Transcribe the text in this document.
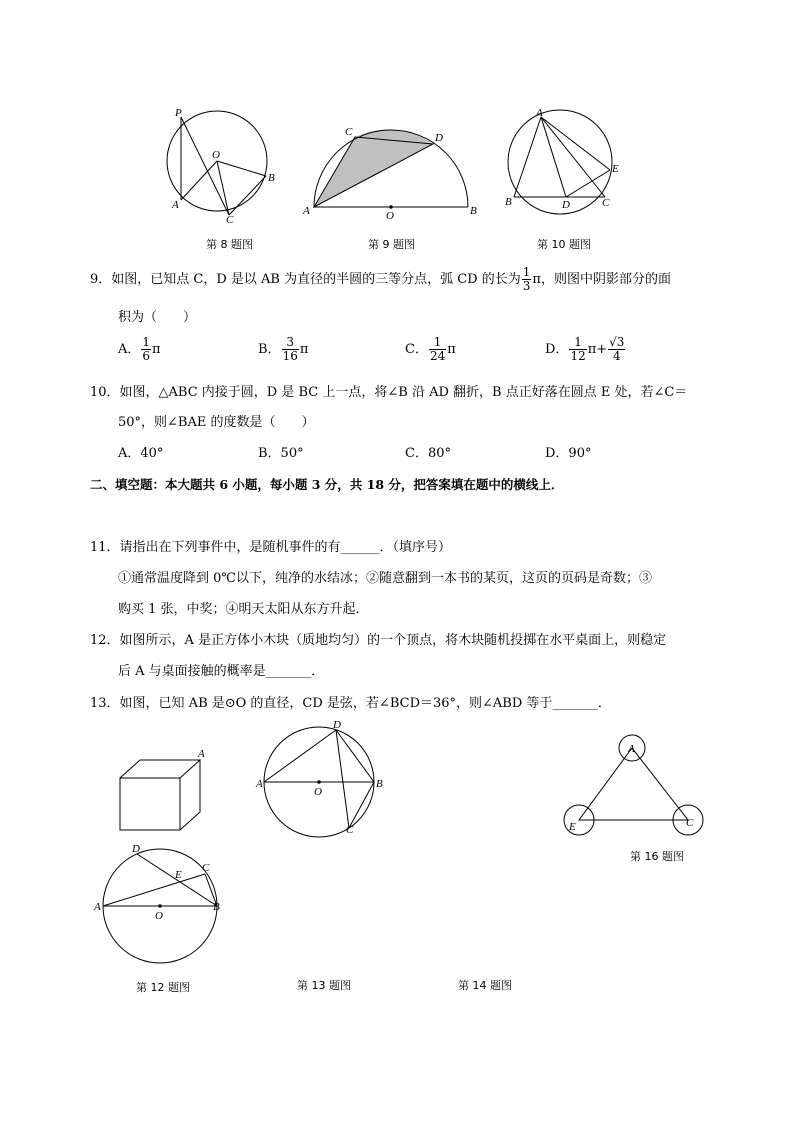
P
O
B
A
C
第 8 题图
C	D
A	O	B
第 9 题图
A
E
B	D	C
第 10 题图
9．如图，已知点 C，D 是以 AB 为直径的半圆的三等分点，弧 CD 的长为 $\frac{1}{3}$ π，则图中阴影部分的面
积为（　　）
A． $\frac{1}{6}$ π	B． $\frac{3}{16}$ π	C． $\frac{1}{24}$ π	D． $\frac{1}{12} \pi+ \frac{√3}{4}$
10．如图，△ABC 内接于圆，D 是 BC 上一点，将∠B 沿 AD 翻折，B 点正好落在圆点 E 处，若∠C＝
50°，则∠BAE 的度数是（　　）
A．40°	B．50°	C．80°	D．90°
二、填空题：本大题共 6 小题，每小题 3 分，共 18 分，把答案填在题中的横线上．
11．请指出在下列事件中，是随机事件的有______．（填序号）
①通常温度降到 0℃以下，纯净的水结冰；②随意翻到一本书的某页，这页的页码是奇数；③
购买 1 张，中奖；④明天太阳从东方升起．
12．如图所示，A 是正方体小木块（质地均匀）的一个顶点，将木块随机投掷在水平桌面上，则稳定
后 A 与桌面接触的概率是_______．
13．如图，已知 AB 是⊙O 的直径，CD 是弦，若∠BCD＝36°，则∠ABD 等于_______．
A
D
A
O
B
C
A
E	C
第 16 题图
D
E
C
A
O
B
第 12 题图	第 13 题图	第 14 题图
